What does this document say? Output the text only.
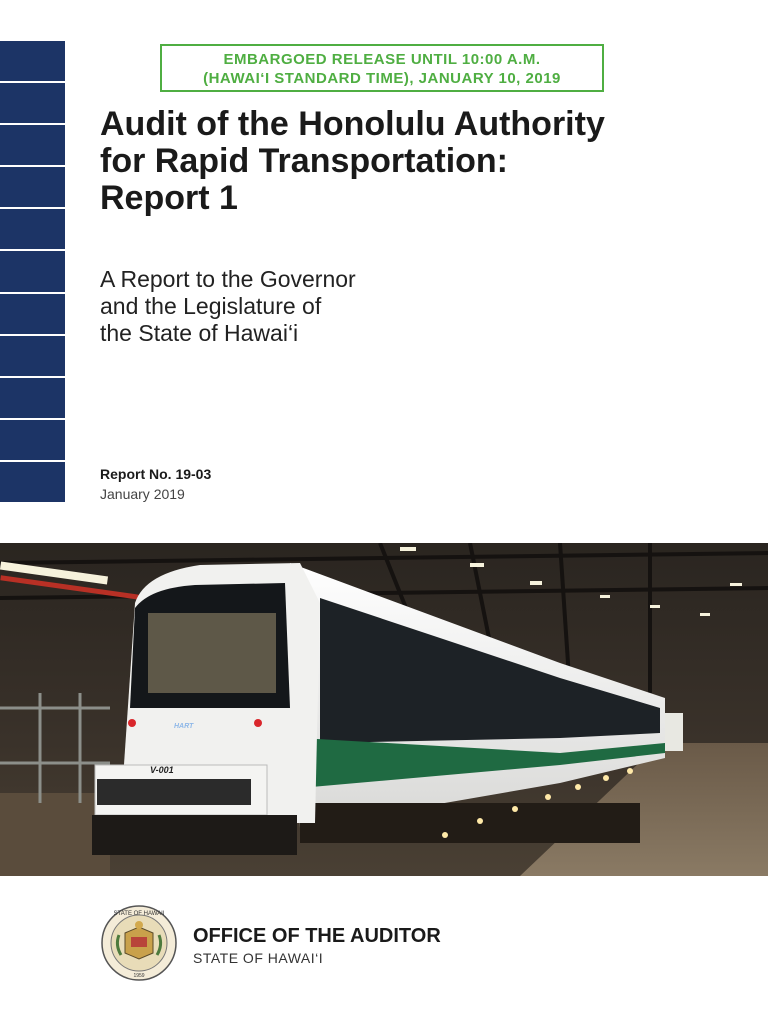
EMBARGOED RELEASE UNTIL 10:00 A.M.
(HAWAI‘I STANDARD TIME), JANUARY 10, 2019
Audit of the Honolulu Authority
for Rapid Transportation:
Report 1
A Report to the Governor
and the Legislature of
the State of Hawai‘i
Report No. 19-03
January 2019
V-001
HART
STATE OF HAWAII
1959
OFFICE OF THE AUDITOR
STATE OF HAWAI‘I
